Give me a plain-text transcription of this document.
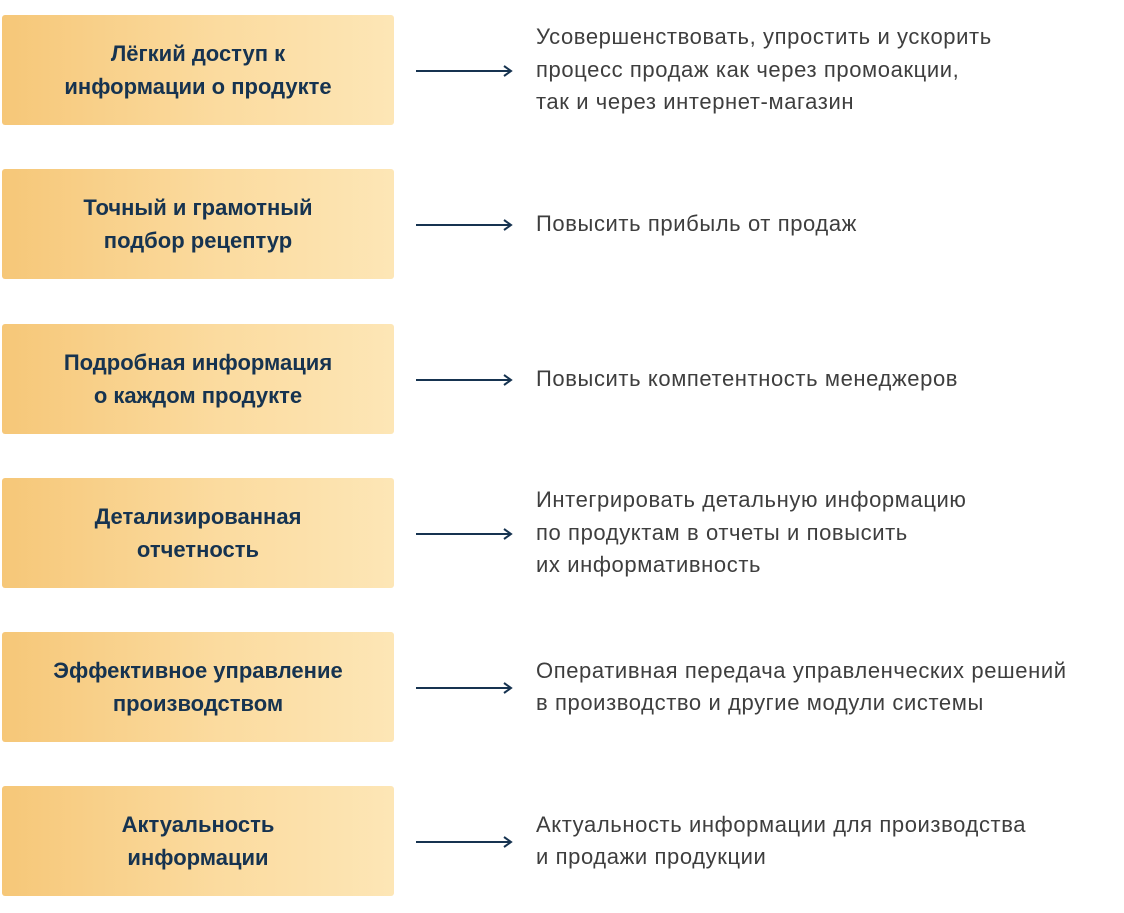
Лёгкий доступ к
информации о продукте
Усовершенствовать, упростить и ускорить
процесс продаж как через промоакции,
так и через интернет-магазин
Точный и грамотный
подбор рецептур
Повысить прибыль от продаж
Подробная информация
о каждом продукте
Повысить компетентность менеджеров
Детализированная
отчетность
Интегрировать детальную информацию
по продуктам в отчеты и повысить
их информативность
Эффективное управление
производством
Оперативная передача управленческих решений
в производство и другие модули системы
Актуальность
информации
Актуальность информации для производства
и продажи продукции
